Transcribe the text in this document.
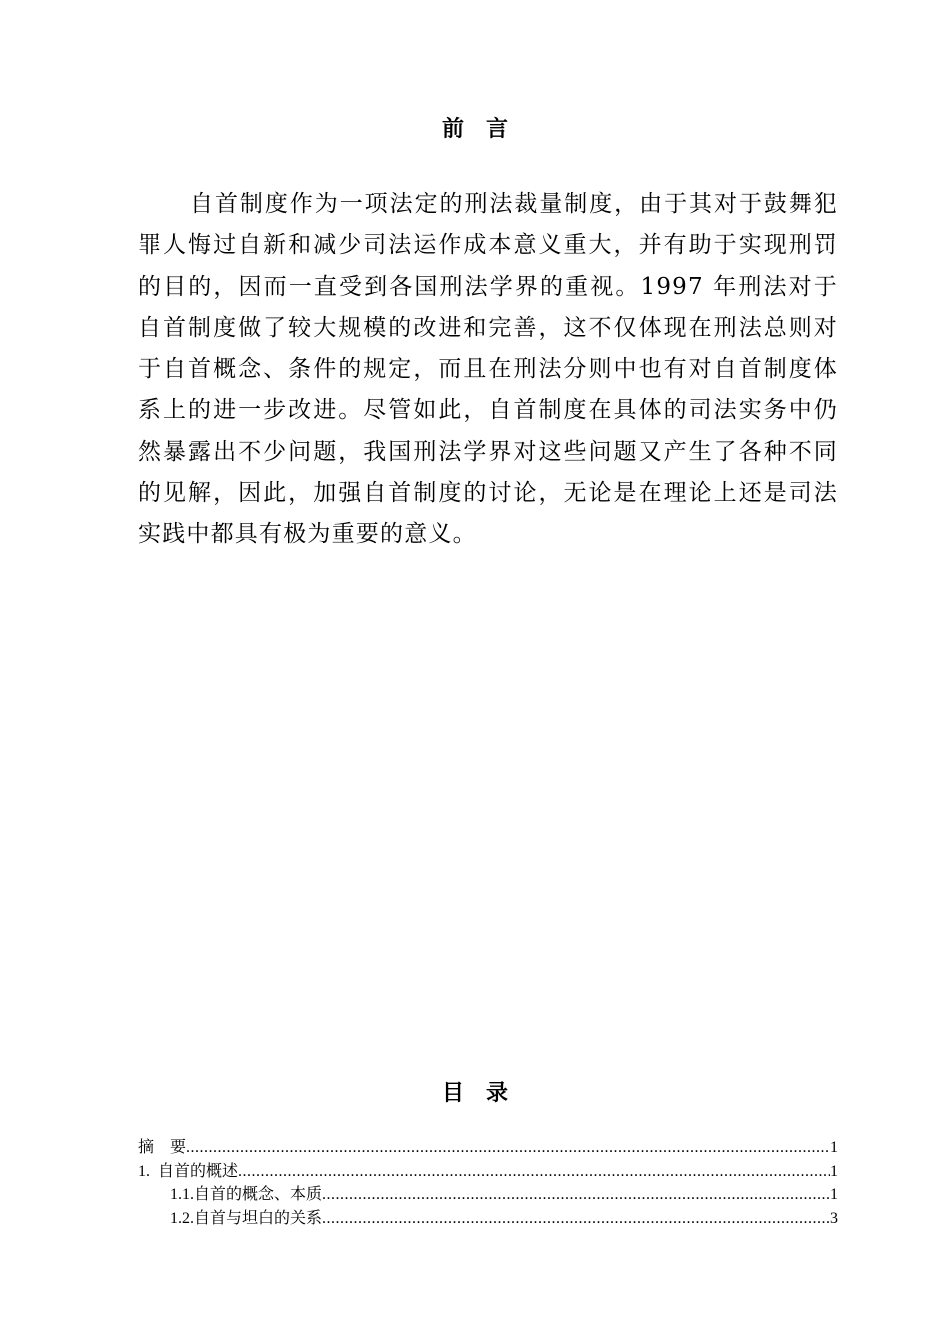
前　言

自首制度作为一项法定的刑法裁量制度，由于其对于鼓舞犯罪人悔过自新和减少司法运作成本意义重大，并有助于实现刑罚的目的，因而一直受到各国刑法学界的重视。1997 年刑法对于自首制度做了较大规模的改进和完善，这不仅体现在刑法总则对于自首概念、条件的规定，而且在刑法分则中也有对自首制度体系上的进一步改进。尽管如此，自首制度在具体的司法实务中仍然暴露出不少问题，我国刑法学界对这些问题又产生了各种不同的见解，因此，加强自首制度的讨论，无论是在理论上还是司法实践中都具有极为重要的意义。

目　录
摘　要 .....	1
1.  自首的概述 .....	1
1.1.自首的概念、本质 .....	1
1.2.自首与坦白的关系 .....	3
